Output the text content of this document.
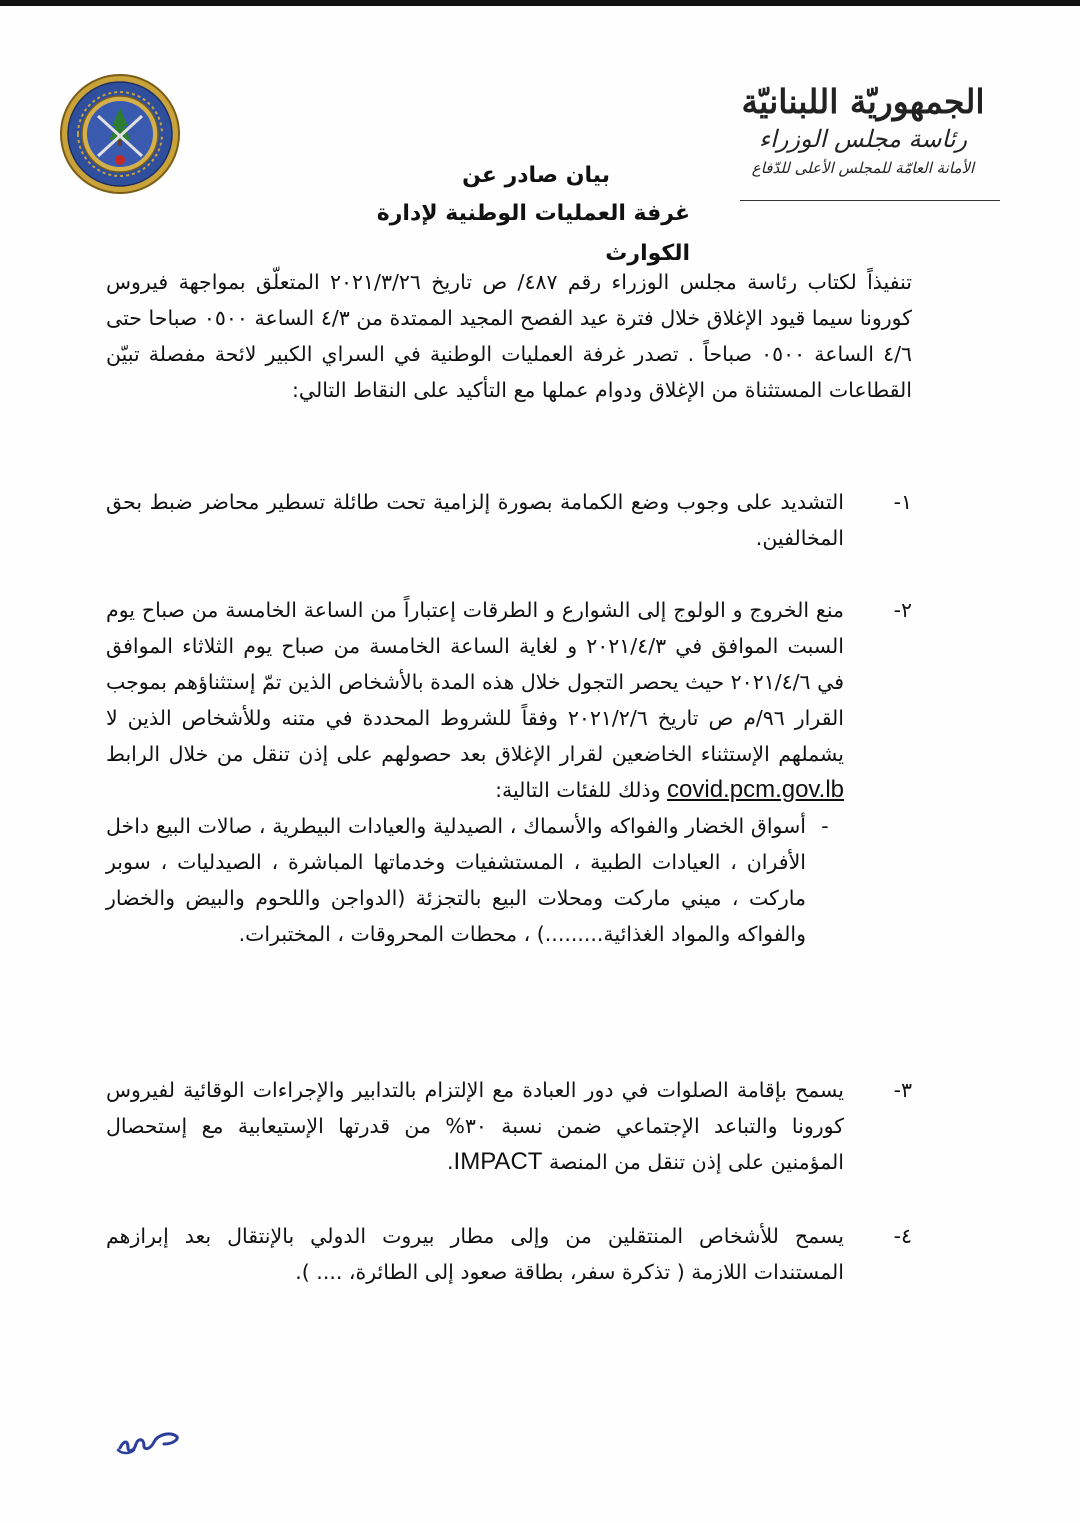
الجمهوريّة اللبنانيّة
رئاسة مجلس الوزراء
الأمانة العامّة للمجلس الأعلى للدّفاع
بيان صادر عن
غرفة العمليات الوطنية لإدارة الكوارث
تنفيذاً لكتاب رئاسة مجلس الوزراء رقم ٤٨٧/ ص تاريخ ٢٠٢١/٣/٢٦ المتعلّق بمواجهة فيروس كورونا سيما قيود الإغلاق خلال فترة عيد الفصح المجيد الممتدة من ٤/٣ الساعة ٠٥٠٠ صباحا حتى ٤/٦ الساعة ٠٥٠٠ صباحاً . تصدر غرفة العمليات الوطنية في السراي الكبير لائحة مفصلة تبيّن القطاعات المستثناة من الإغلاق ودوام عملها مع التأكيد على النقاط التالي:
١-
التشديد على وجوب وضع الكمامة بصورة إلزامية تحت طائلة تسطير محاضر ضبط بحق المخالفين.
٢-
منع الخروج و الولوج إلى الشوارع و الطرقات إعتباراً من الساعة الخامسة من صباح يوم السبت الموافق في ٢٠٢١/٤/٣ و لغاية الساعة الخامسة من صباح يوم الثلاثاء الموافق في ٢٠٢١/٤/٦ حيث يحصر التجول خلال هذه المدة بالأشخاص الذين تمّ إستثناؤهم بموجب القرار ٩٦/م ص تاريخ ٢٠٢١/٢/٦ وفقاً للشروط المحددة في متنه وللأشخاص الذين لا يشملهم الإستثناء الخاضعين لقرار الإغلاق بعد حصولهم على إذن تنقل من خلال الرابط covid.pcm.gov.lb وذلك للفئات التالية:
-
أسواق الخضار والفواكه والأسماك ، الصيدلية والعيادات البيطرية ، صالات البيع داخل الأفران ، العيادات الطبية ، المستشفيات وخدماتها المباشرة ، الصيدليات ، سوبر ماركت ، ميني ماركت ومحلات البيع بالتجزئة (الدواجن واللحوم والبيض والخضار والفواكه والمواد الغذائية.........) ، محطات المحروقات ، المختبرات.
٣-
يسمح بإقامة الصلوات في دور العبادة مع الإلتزام بالتدابير والإجراءات الوقائية لفيروس كورونا والتباعد الإجتماعي ضمن نسبة ٣٠% من قدرتها الإستيعابية مع إستحصال المؤمنين على إذن تنقل من المنصة IMPACT.
٤-
يسمح للأشخاص المنتقلين من وإلى مطار بيروت الدولي بالإنتقال بعد إبرازهم المستندات اللازمة ( تذكرة سفر، بطاقة صعود إلى الطائرة، .... ).
